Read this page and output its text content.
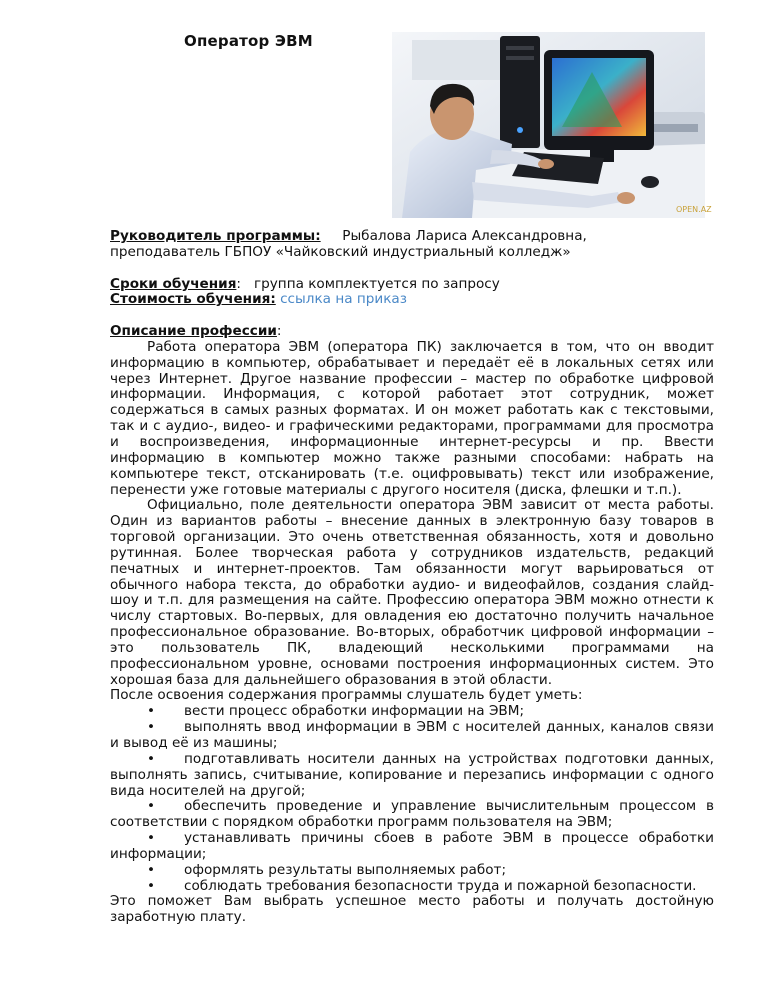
Оператор ЭВМ
OPEN.AZ

Руководитель программы: Рыбалова Лариса Александровна,

преподаватель ГБПОУ «Чайковский индустриальный колледж»

Сроки обучения: группа комплектуется по запросу

Стоимость обучения: ссылка на приказ

Описание профессии:

Работа оператора ЭВМ (оператора ПК) заключается в том, что он вводит информацию в компьютер, обрабатывает и передаёт её в локальных сетях или через Интернет. Другое название профессии – мастер по обработке цифровой информации. Информация, с которой работает этот сотрудник, может содержаться в самых разных форматах. И он может работать как с текстовыми, так и с аудио-, видео- и графическими редакторами, программами для просмотра и воспроизведения, информационные интернет-ресурсы и пр. Ввести информацию в компьютер можно также разными способами: набрать на компьютере текст, отсканировать (т.е. оцифровывать) текст или изображение, перенести уже готовые материалы с другого носителя (диска, флешки и т.п.).

Официально, поле деятельности оператора ЭВМ зависит от места работы. Один из вариантов работы – внесение данных в электронную базу товаров в торговой организации. Это очень ответственная обязанность, хотя и довольно рутинная. Более творческая работа у сотрудников издательств, редакций печатных и интернет-проектов. Там обязанности могут варьироваться от обычного набора текста, до обработки аудио- и видеофайлов, создания слайд-шоу и т.п. для размещения на сайте. Профессию оператора ЭВМ можно отнести к числу стартовых. Во-первых, для овладения ею достаточно получить начальное профессиональное образование. Во-вторых, обработчик цифровой информации – это пользователь ПК, владеющий несколькими программами на профессиональном уровне, основами построения информационных систем. Это хорошая база для дальнейшего образования в этой области.

После освоения содержания программы слушатель будет уметь:

• вести процесс обработки информации на ЭВМ;

• выполнять ввод информации в ЭВМ с носителей данных, каналов связи и вывод её из машины;

• подготавливать носители данных на устройствах подготовки данных, выполнять запись, считывание, копирование и перезапись информации с одного вида носителей на другой;

• обеспечить проведение и управление вычислительным процессом в соответствии с порядком обработки программ пользователя на ЭВМ;

• устанавливать причины сбоев в работе ЭВМ в процессе обработки информации;

• оформлять результаты выполняемых работ;

• соблюдать требования безопасности труда и пожарной безопасности.

Это поможет Вам выбрать успешное место работы и получать достойную заработную плату.
